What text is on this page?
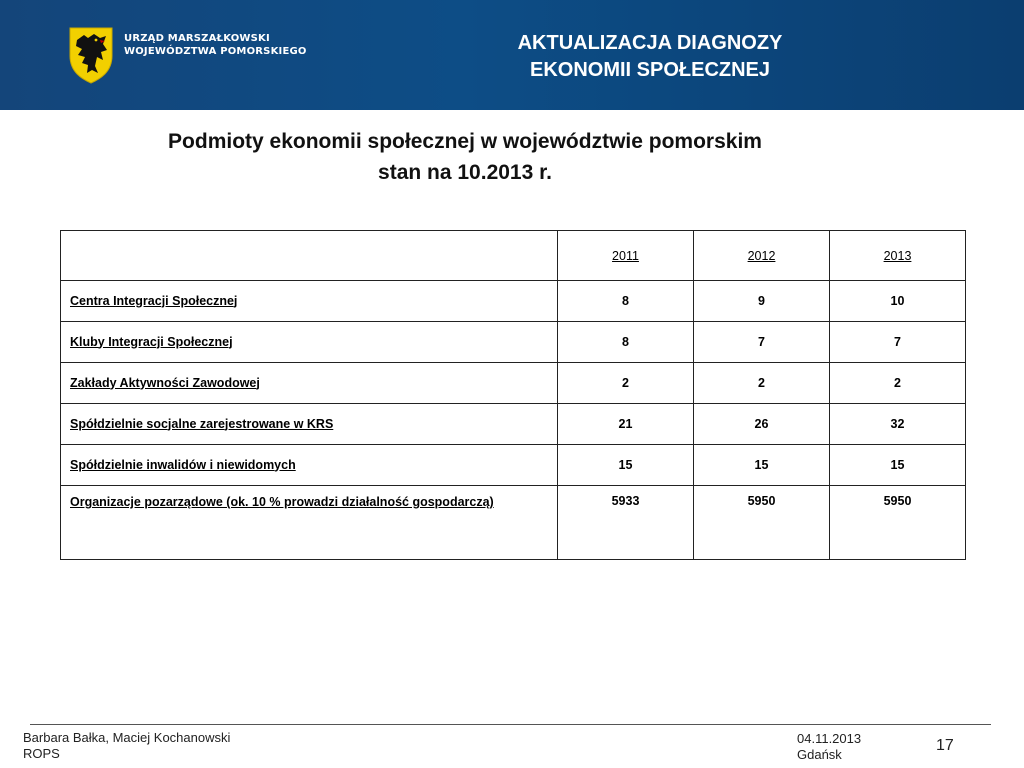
URZĄD MARSZAŁKOWSKI
WOJEWÓDZTWA POMORSKIEGO	AKTUALIZACJA DIAGNOZY
EKONOMII SPOŁECZNEJ
Podmioty ekonomii społecznej w województwie pomorskim
stan na 10.2013 r.
	2011	2012	2013
Centra Integracji Społecznej	8	9	10
Kluby Integracji Społecznej	8	7	7
Zakłady Aktywności Zawodowej	2	2	2
Spółdzielnie socjalne zarejestrowane w KRS	21	26	32
Spółdzielnie inwalidów i niewidomych	15	15	15
Organizacje pozarządowe (ok. 10 % prowadzi działalność gospodarczą)	5933	5950	5950
Barbara Bałka, Maciej Kochanowski
ROPS
04.11.2013
Gdańsk
17
